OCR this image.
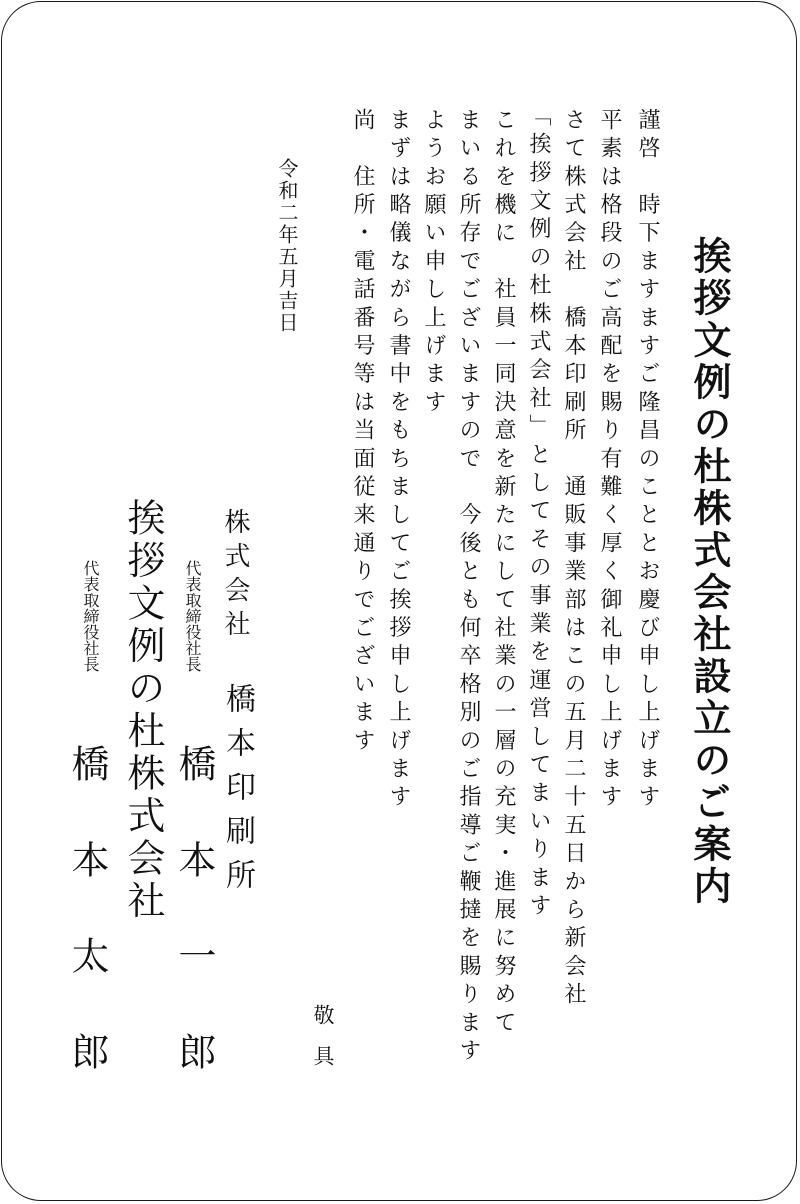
挨拶文例の杜株式会社設立のご案内

謹啓　時下ますますご隆昌のこととお慶び申し上げます

平素は格段のご高配を賜り有難く厚く御礼申し上げます

さて株式会社　橋本印刷所　通販事業部はこの五月二十五日から新会社

「挨拶文例の杜株式会社」としてその事業を運営してまいります

これを機に　社員一同決意を新たにして社業の一層の充実・進展に努めて

まいる所存でございますので　今後とも何卒格別のご指導ご鞭撻を賜ります

ようお願い申し上げます

まずは略儀ながら書中をもちましてご挨拶申し上げます

尚　住所・電話番号等は当面従来通りでございます

敬具
令和二年五月吉日
株式会社
橋本印刷所
代表取締役社長
橋本一郎
挨拶文例の杜株式会社
代表取締役社長
橋本太郎
